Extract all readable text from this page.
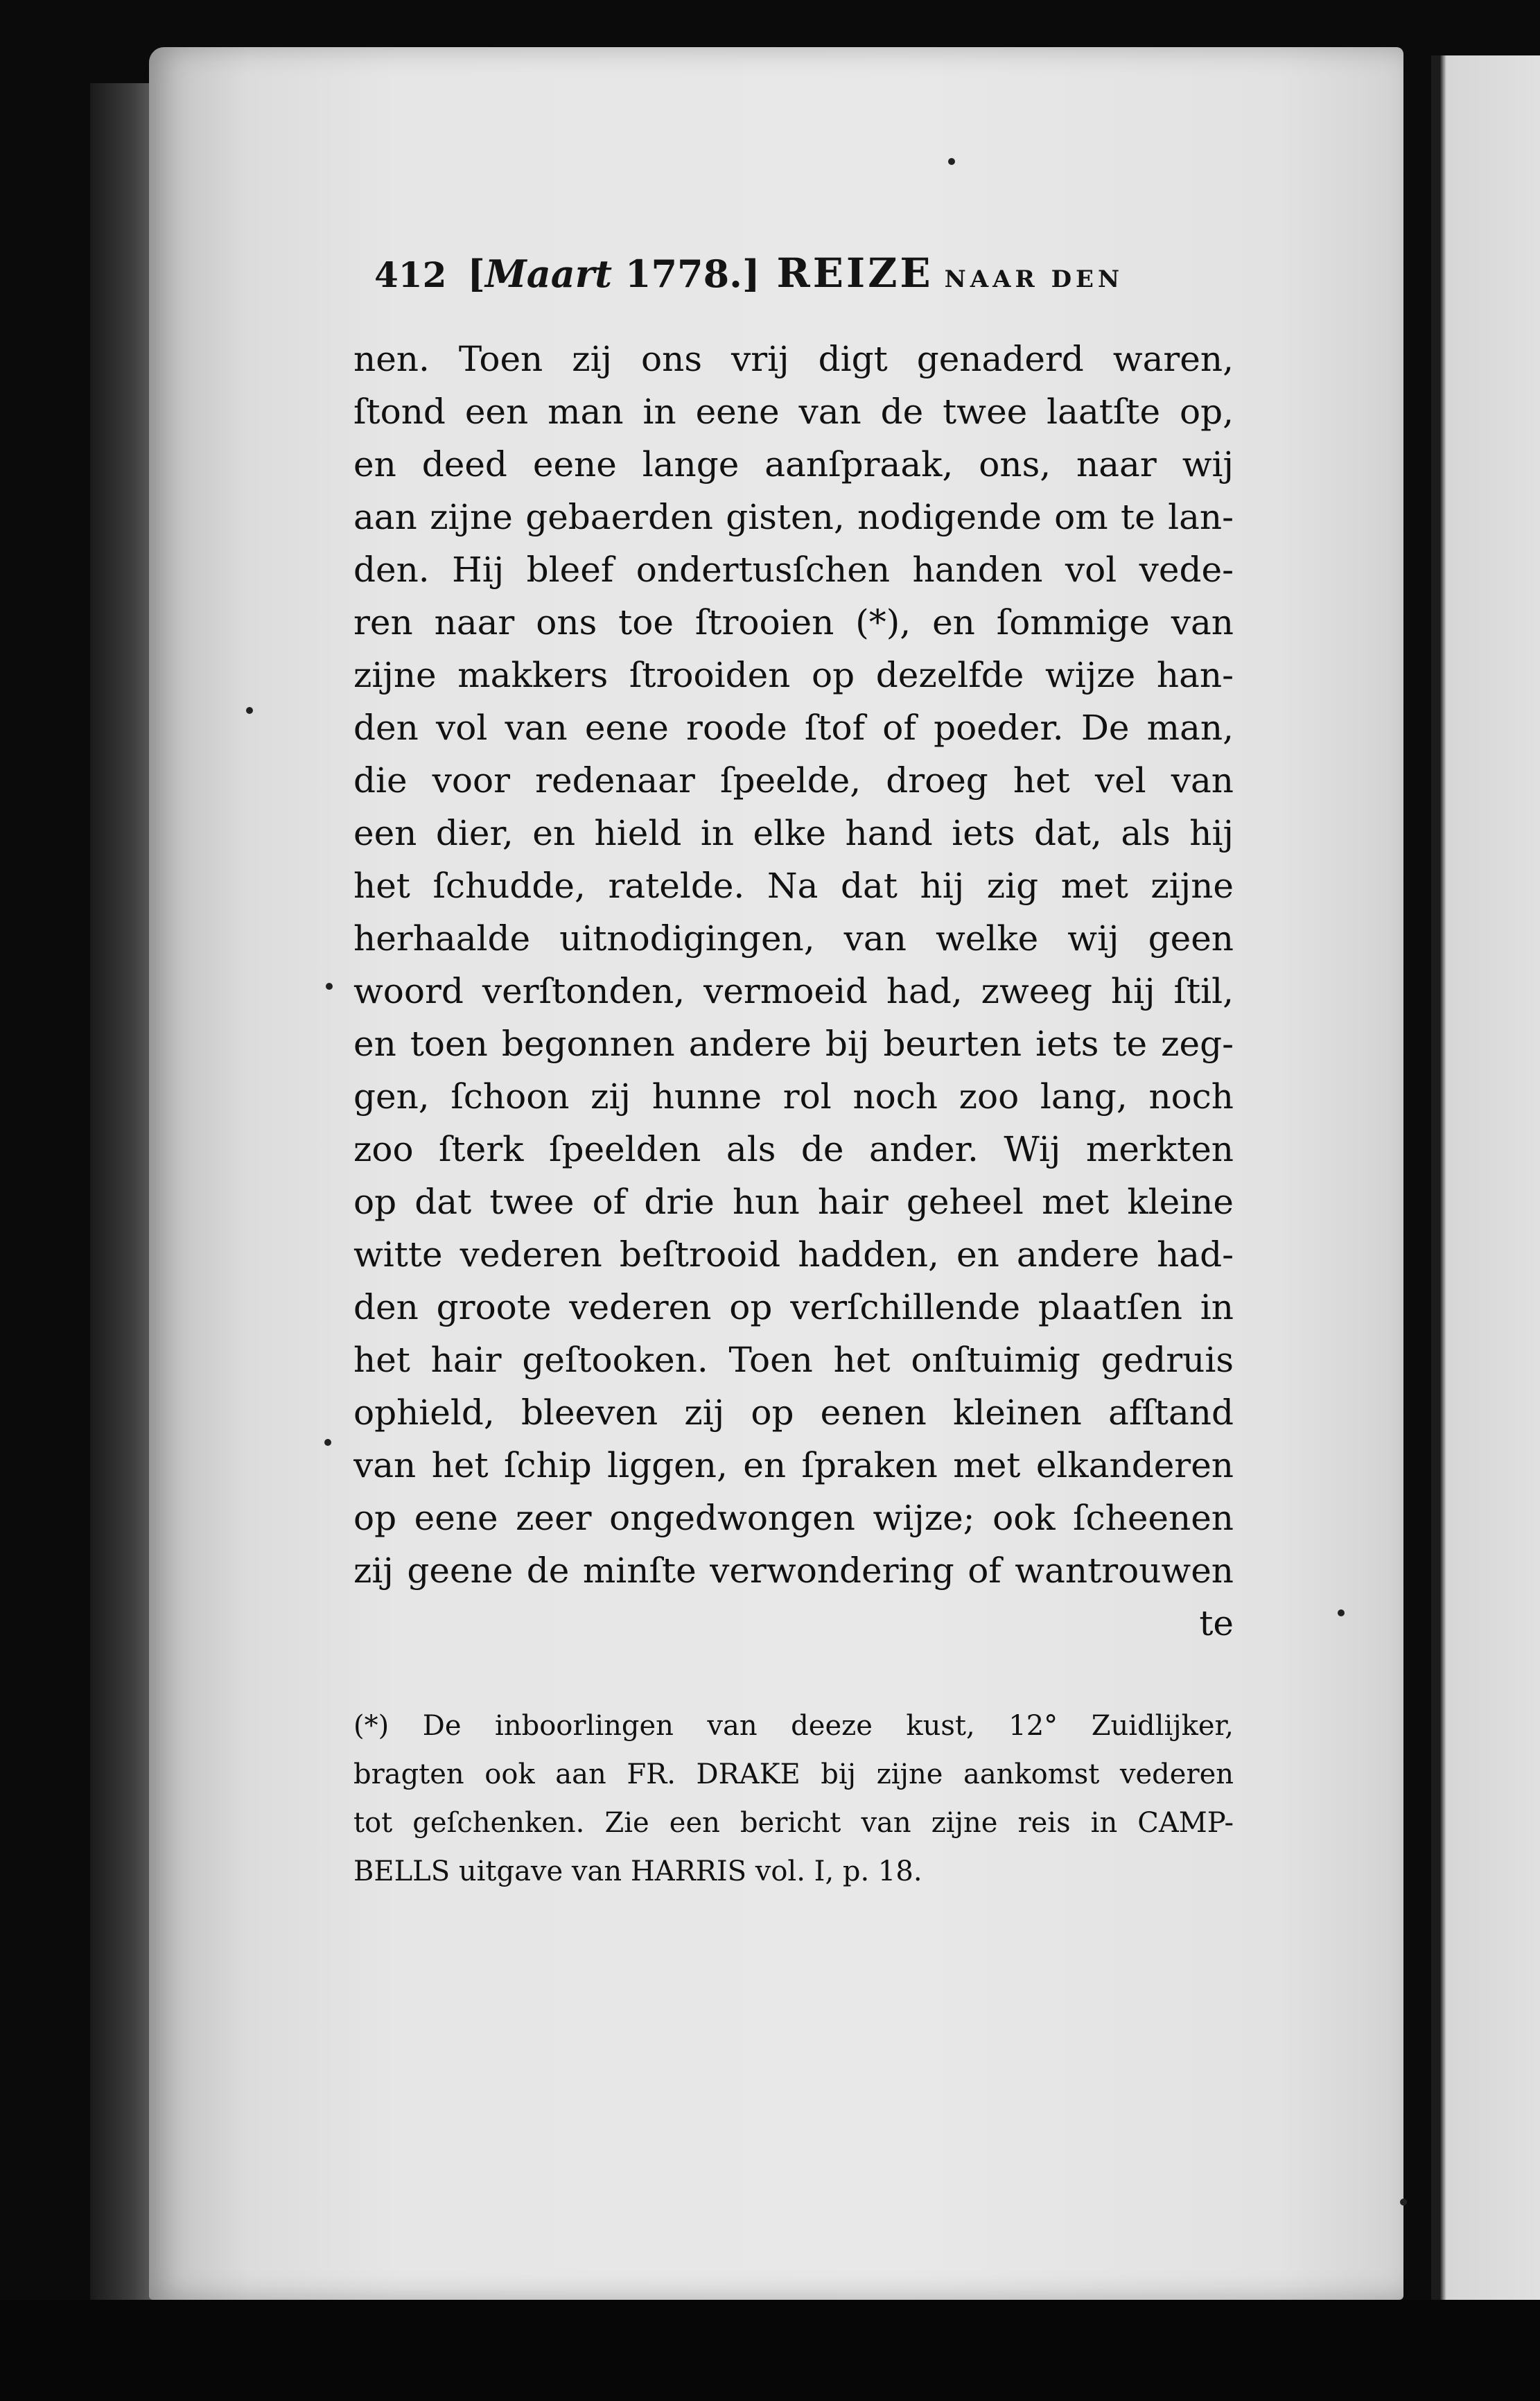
412 [Maart 1778.] REIZE NAAR DEN
nen. Toen zij ons vrij digt genaderd waren,
ſtond een man in eene van de twee laatſte op,
en deed eene lange aanſpraak, ons, naar wij
aan zijne gebaerden gisten, nodigende om te lan-
den. Hij bleef ondertusſchen handen vol vede-
ren naar ons toe ſtrooien (*), en ſommige van
zijne makkers ſtrooiden op dezelfde wijze han-
den vol van eene roode ſtof of poeder. De man,
die voor redenaar ſpeelde, droeg het vel van
een dier, en hield in elke hand iets dat, als hij
het ſchudde, ratelde. Na dat hij zig met zijne
herhaalde uitnodigingen, van welke wij geen
woord verſtonden, vermoeid had, zweeg hij ſtil,
en toen begonnen andere bij beurten iets te zeg-
gen, ſchoon zij hunne rol noch zoo lang, noch
zoo ſterk ſpeelden als de ander. Wij merkten
op dat twee of drie hun hair geheel met kleine
witte vederen beſtrooid hadden, en andere had-
den groote vederen op verſchillende plaatſen in
het hair geſtooken. Toen het onſtuimig gedruis
ophield, bleeven zij op eenen kleinen afſtand
van het ſchip liggen, en ſpraken met elkanderen
op eene zeer ongedwongen wijze; ook ſcheenen
zij geene de minſte verwondering of wantrouwen
te
(*) De inboorlingen van deeze kust, 12° Zuidlijker,
bragten ook aan FR. DRAKE bij zijne aankomst vederen
tot geſchenken. Zie een bericht van zijne reis in CAMP-
BELLS uitgave van HARRIS vol. I, p. 18.
